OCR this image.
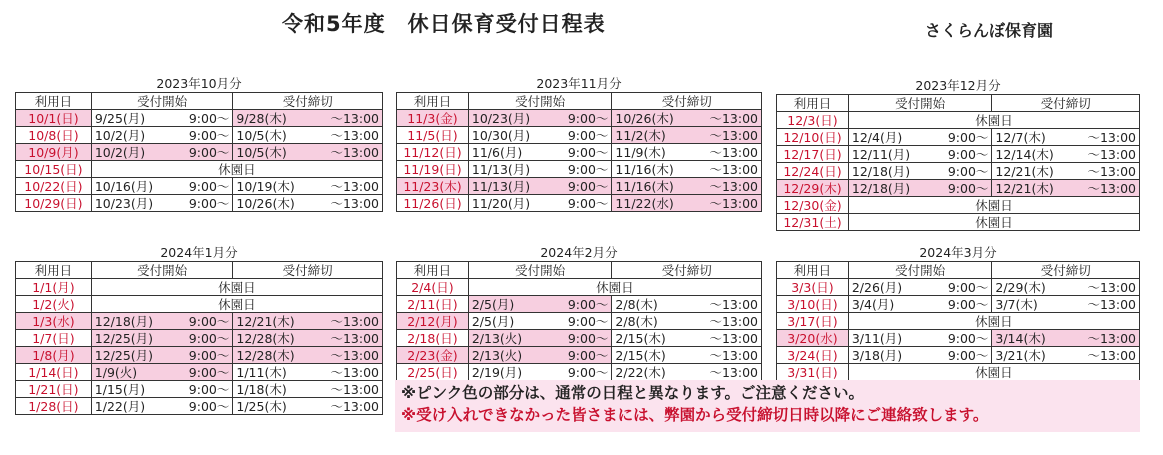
令和5年度　休日保育受付日程表	さくらんぼ保育園
2023年10月分
利用日	受付開始	受付締切
10/1(日)	9/25(月) 9:00～	9/28(木) ～13:00

10/8(日)	10/2(月) 9:00～	10/5(木) ～13:00

10/9(月)	10/2(月) 9:00～	10/5(木) ～13:00

10/15(日)	休園日	
10/22(日)	10/16(月) 9:00～	10/19(木) ～13:00

10/29(日)	10/23(月) 9:00～	10/26(木) ～13:00
2023年11月分
利用日	受付開始	受付締切
11/3(金)	10/23(月) 9:00～	10/26(木) ～13:00

11/5(日)	10/30(月) 9:00～	11/2(木) ～13:00

11/12(日)	11/6(月) 9:00～	11/9(木) ～13:00

11/19(日)	11/13(月) 9:00～	11/16(木) ～13:00

11/23(木)	11/13(月) 9:00～	11/16(木) ～13:00

11/26(日)	11/20(月) 9:00～	11/22(水) ～13:00
2023年12月分
利用日	受付開始	受付締切
12/3(日)	休園日	
12/10(日)	12/4(月) 9:00～	12/7(木) ～13:00

12/17(日)	12/11(月) 9:00～	12/14(木) ～13:00

12/24(日)	12/18(月) 9:00～	12/21(木) ～13:00

12/29(木)	12/18(月) 9:00～	12/21(木) ～13:00

12/30(金)	休園日	
12/31(土)	休園日	
2024年1月分
利用日	受付開始	受付締切
1/1(月)	休園日	
1/2(火)	休園日	
1/3(水)	12/18(月) 9:00～	12/21(木) ～13:00

1/7(日)	12/25(月) 9:00～	12/28(木) ～13:00

1/8(月)	12/25(月) 9:00～	12/28(木) ～13:00

1/14(日)	1/9(火) 9:00～	1/11(木) ～13:00

1/21(日)	1/15(月) 9:00～	1/18(木) ～13:00

1/28(日)	1/22(月) 9:00～	1/25(木) ～13:00
2024年2月分
利用日	受付開始	受付締切
2/4(日)	休園日	
2/11(日)	2/5(月) 9:00～	2/8(木) ～13:00

2/12(月)	2/5(月) 9:00～	2/8(木) ～13:00

2/18(日)	2/13(火) 9:00～	2/15(木) ～13:00

2/23(金)	2/13(火) 9:00～	2/15(木) ～13:00

2/25(日)	2/19(月) 9:00～	2/22(木) ～13:00
2024年3月分
利用日	受付開始	受付締切
3/3(日)	2/26(月) 9:00～	2/29(木) ～13:00

3/10(日)	3/4(月) 9:00～	3/7(木) ～13:00

3/17(日)	休園日	
3/20(水)	3/11(月) 9:00～	3/14(木) ～13:00

3/24(日)	3/18(月) 9:00～	3/21(木) ～13:00

3/31(日)	休園日	
※ピンク色の部分は、通常の日程と異なります。ご注意ください。
※受け入れできなかった皆さまには、弊園から受付締切日時以降にご連絡致します。
